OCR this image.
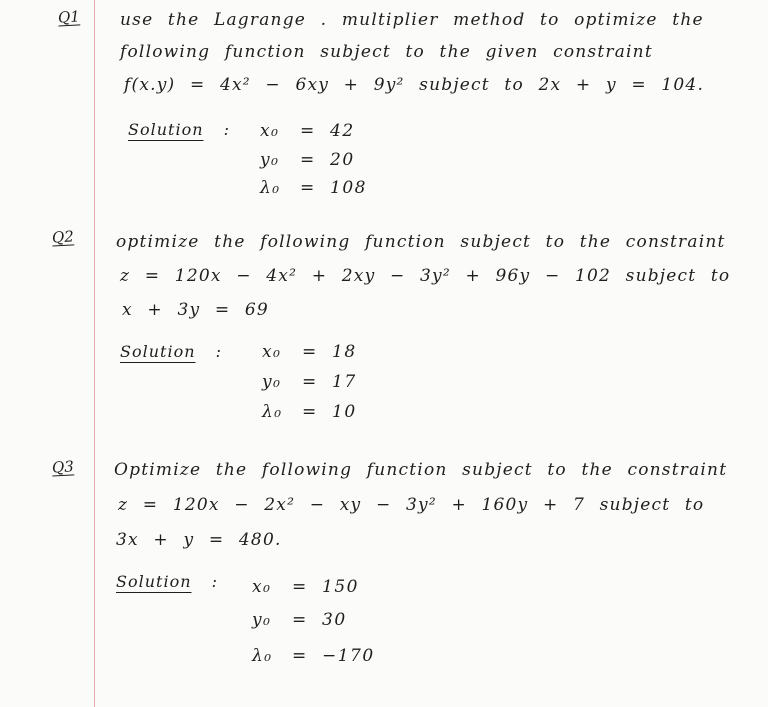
Q1 use the Lagrange . multiplier method to optimize the
following function subject to the given constraint
f(x.y) = 4x² − 6xy + 9y² subject to 2x + y = 104.
Solution : x₀ = 42
y₀ = 20
λ₀ = 108
Q2 optimize the following function subject to the constraint
z = 120x − 4x² + 2xy − 3y² + 96y − 102 subject to
x + 3y = 69
Solution : x₀ = 18
y₀ = 17
λ₀ = 10
Q3 Optimize the following function subject to the constraint
z = 120x − 2x² − xy − 3y² + 160y + 7 subject to
3x + y = 480.
Solution : x₀ = 150
y₀ = 30
λ₀ = −170
